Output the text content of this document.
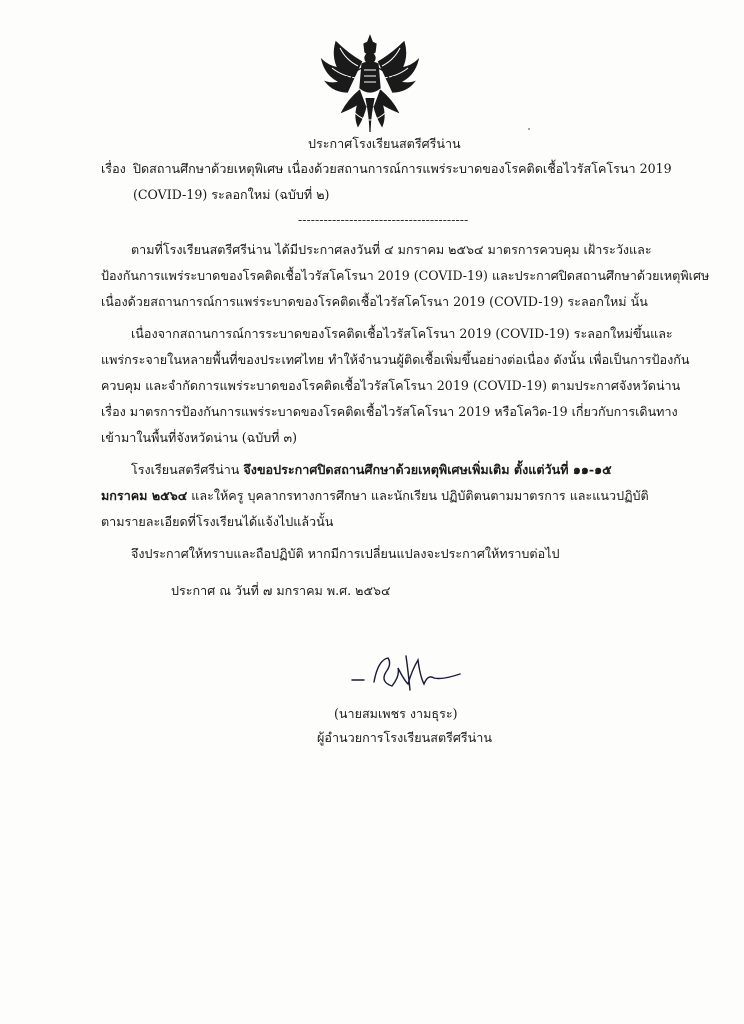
ประกาศโรงเรียนสตรีศรีน่าน
เรื่อง ปิดสถานศึกษาด้วยเหตุพิเศษ เนื่องด้วยสถานการณ์การแพร่ระบาดของโรคติดเชื้อไวรัสโคโรนา 2019
(COVID-19) ระลอกใหม่ (ฉบับที่ ๒)
----------------------------------------
ตามที่โรงเรียนสตรีศรีน่าน ได้มีประกาศลงวันที่ ๔ มกราคม ๒๕๖๔ มาตรการควบคุม เฝ้าระวังและ
ป้องกันการแพร่ระบาดของโรคติดเชื้อไวรัสโคโรนา 2019 (COVID-19) และประกาศปิดสถานศึกษาด้วยเหตุพิเศษ
เนื่องด้วยสถานการณ์การแพร่ระบาดของโรคติดเชื้อไวรัสโคโรนา 2019 (COVID-19) ระลอกใหม่ นั้น
เนื่องจากสถานการณ์การระบาดของโรคติดเชื้อไวรัสโคโรนา 2019 (COVID-19) ระลอกใหม่ขึ้นและ
แพร่กระจายในหลายพื้นที่ของประเทศไทย ทำให้จำนวนผู้ติดเชื้อเพิ่มขึ้นอย่างต่อเนื่อง ดังนั้น เพื่อเป็นการป้องกัน
ควบคุม และจำกัดการแพร่ระบาดของโรคติดเชื้อไวรัสโคโรนา 2019 (COVID-19) ตามประกาศจังหวัดน่าน
เรื่อง มาตรการป้องกันการแพร่ระบาดของโรคติดเชื้อไวรัสโคโรนา 2019 หรือโควิด-19 เกี่ยวกับการเดินทาง
เข้ามาในพื้นที่จังหวัดน่าน (ฉบับที่ ๓)
โรงเรียนสตรีศรีน่าน จึงขอประกาศปิดสถานศึกษาด้วยเหตุพิเศษเพิ่มเติม ตั้งแต่วันที่ ๑๑-๑๕
มกราคม ๒๕๖๔ และให้ครู บุคลากรทางการศึกษา และนักเรียน ปฏิบัติตนตามมาตรการ และแนวปฏิบัติ
ตามรายละเอียดที่โรงเรียนได้แจ้งไปแล้วนั้น
จึงประกาศให้ทราบและถือปฏิบัติ หากมีการเปลี่ยนแปลงจะประกาศให้ทราบต่อไป
ประกาศ ณ วันที่ ๗ มกราคม พ.ศ. ๒๕๖๔
(นายสมเพชร งามธุระ)
ผู้อำนวยการโรงเรียนสตรีศรีน่าน
